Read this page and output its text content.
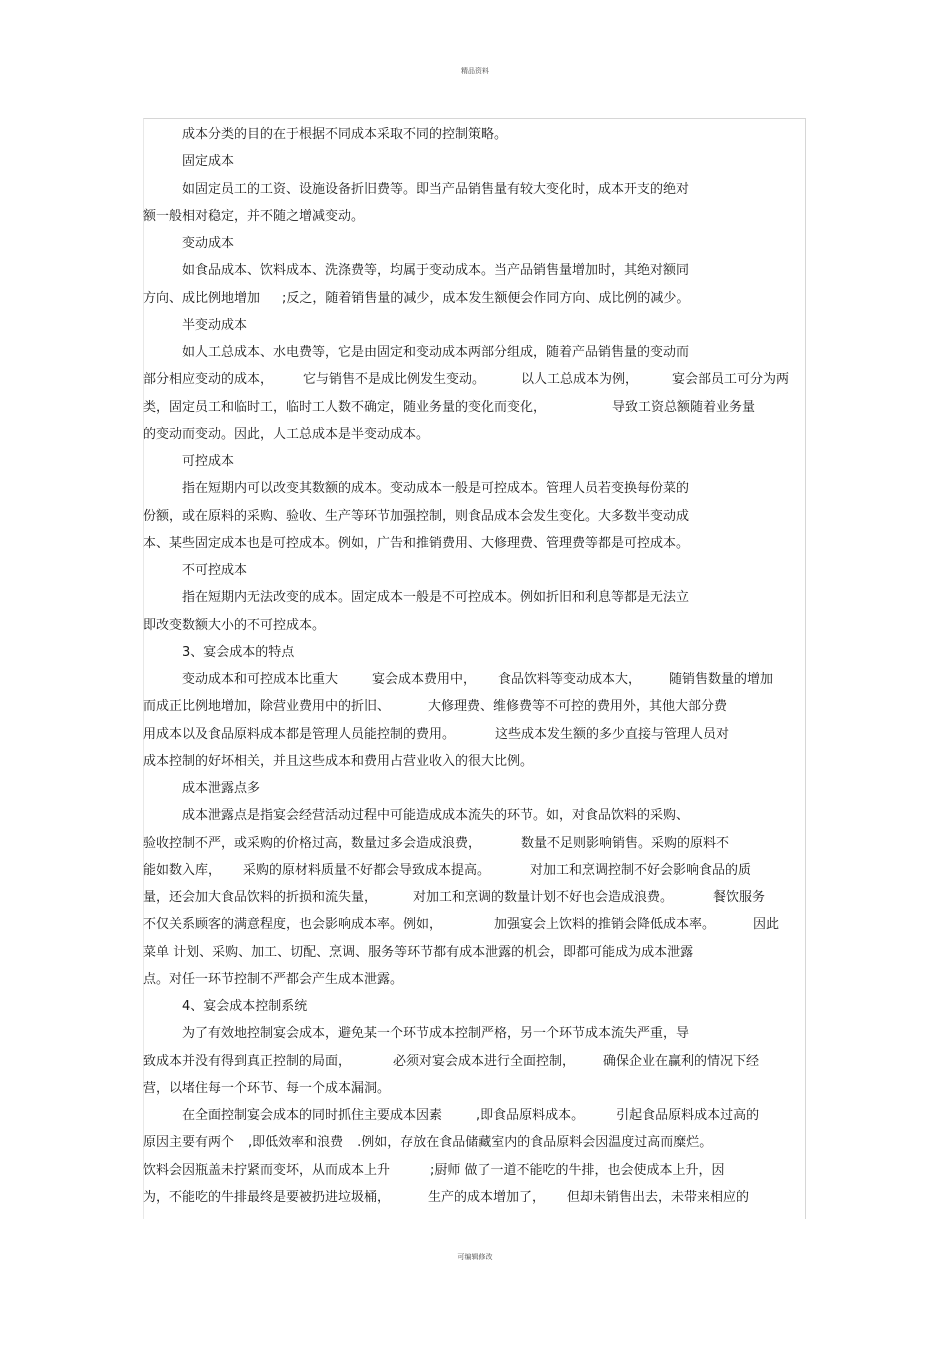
精品资料
成本分类的目的在于根据不同成本采取不同的控制策略。
固定成本
如固定员工的工资、设施设备折旧费等。即当产品销售量有较大变化时，成本开支的绝对
额一般相对稳定，并不随之增减变动。
变动成本
如食品成本、饮料成本、洗涤费等，均属于变动成本。当产品销售量增加时，其绝对额同
方向、成比例地增加 ;反之，随着销售量的减少，成本发生额便会作同方向、成比例的减少。
半变动成本
如人工总成本、水电费等，它是由固定和变动成本两部分组成，随着产品销售量的变动而
部分相应变动的成本， 它与销售不是成比例发生变动。	以人工总成本为例，	宴会部员工可分为两
类，固定员工和临时工，临时工人数不确定，随业务量的变化而变化，	导致工资总额随着业务量
的变动而变动。因此，人工总成本是半变动成本。
可控成本
指在短期内可以改变其数额的成本。变动成本一般是可控成本。管理人员若变换每份菜的
份额，或在原料的采购、验收、生产等环节加强控制，则食品成本会发生变化。大多数半变动成
本、某些固定成本也是可控成本。例如，广告和推销费用、大修理费、管理费等都是可控成本。
不可控成本
指在短期内无法改变的成本。固定成本一般是不可控成本。例如折旧和利息等都是无法立
即改变数额大小的不可控成本。
3、宴会成本的特点
变动成本和可控成本比重大	宴会成本费用中， 食品饮料等变动成本大， 随销售数量的增加
而成正比例地增加，除营业费用中的折旧、	大修理费、维修费等不可控的费用外，其他大部分费
用成本以及食品原料成本都是管理人员能控制的费用。	这些成本发生额的多少直接与管理人员对
成本控制的好坏相关，并且这些成本和费用占营业收入的很大比例。
成本泄露点多
成本泄露点是指宴会经营活动过程中可能造成成本流失的环节。如，对食品饮料的采购、
验收控制不严，或采购的价格过高，数量过多会造成浪费，	数量不足则影响销售。采购的原料不
能如数入库， 采购的原材料质量不好都会导致成本提高。	对加工和烹调控制不好会影响食品的质
量，还会加大食品饮料的折损和流失量，	对加工和烹调的数量计划不好也会造成浪费。	餐饮服务
不仅关系顾客的满意程度，也会影响成本率。例如，	加强宴会上饮料的推销会降低成本率。	因此
菜单 计划、采购、加工、切配、烹调、服务等环节都有成本泄露的机会，即都可能成为成本泄露
点。对任一环节控制不严都会产生成本泄露。
4、宴会成本控制系统
为了有效地控制宴会成本，避免某一个环节成本控制严格，另一个环节成本流失严重，导
致成本并没有得到真正控制的局面，	必须对宴会成本进行全面控制， 确保企业在赢利的情况下经
营，以堵住每一个环节、每一个成本漏洞。
在全面控制宴会成本的同时抓住主要成本因素	,即食品原料成本。 引起食品原料成本过高的
原因主要有两个 ,即低效率和浪费 .例如，存放在食品储藏室内的食品原料会因温度过高而糜烂。
饮料会因瓶盖未拧紧而变坏，从而成本上升	;厨师 做了一道不能吃的牛排，也会使成本上升，因
为，不能吃的牛排最终是要被扔进垃圾桶，	生产的成本增加了， 但却未销售出去，未带来相应的
可编辑修改
